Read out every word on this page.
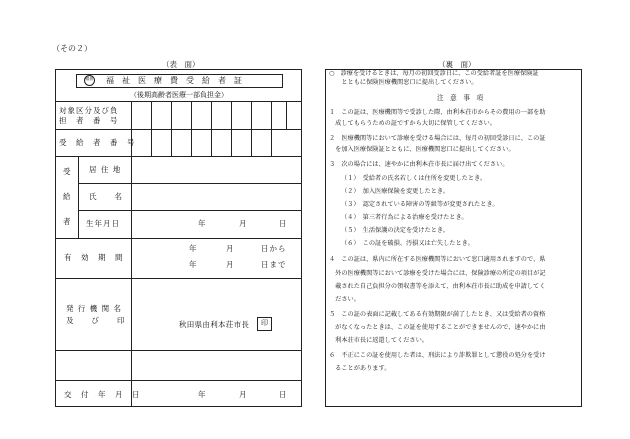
（その２）
（表　面）	（裏　面）
福祉 福　祉　医　療　費　受　給　者　証
（後期高齢者医療一部負担金）
対象区分及び負
担　者　番　号
受　給　者　番　号
受
給
者
居 住 地
氏　　名
生年月日	年	月	日
有　効　期　間
年	月	日から
年	月	日まで
発 行 機 関 名
及　　び　　印	秋田県由利本荘市長 印
交　付　年　月　日	年	月	日
○　診療を受けるときは、毎月の初回受診日に、この受給者証を医療保険証
　　とともに保険医療機関窓口に提出してください。
注　意　事　項
１　この証は、医療機関等で受診した際、由利本荘市からその費用の一部を助
　成してもらうための証ですから大切に保管してください。
２　医療機関等において診療を受ける場合には、毎月の初回受診日に、この証
　を加入医療保険証とともに、医療機関窓口に提出してください。
３　次の場合には、速やかに由利本荘市長に届け出てください。
（１）　受給者の氏名若しくは住所を変更したとき。
（２）　加入医療保険を変更したとき。
（３）　認定されている障害の等級等が変更されたとき。
（４）　第三者行為による治療を受けたとき。
（５）　生活保護の決定を受けたとき。
（６）　この証を破損、汚損又は亡失したとき。
４　この証は、県内に所在する医療機関等において窓口適用されますので、県
　外の医療機関等において診療を受けた場合には、保険診療の所定の項目が記
　載された自己負担分の領収書等を添えて、由利本荘市長に助成を申請してく
　ださい。
５　この証の表面に記載してある有効期限が満了したとき、又は受給者の資格
　がなくなったときは、この証を使用することができませんので、速やかに由
　利本荘市長に返還してください。
６　不正にこの証を使用した者は、刑法により詐欺罪として懲役の処分を受け
　ることがあります。
